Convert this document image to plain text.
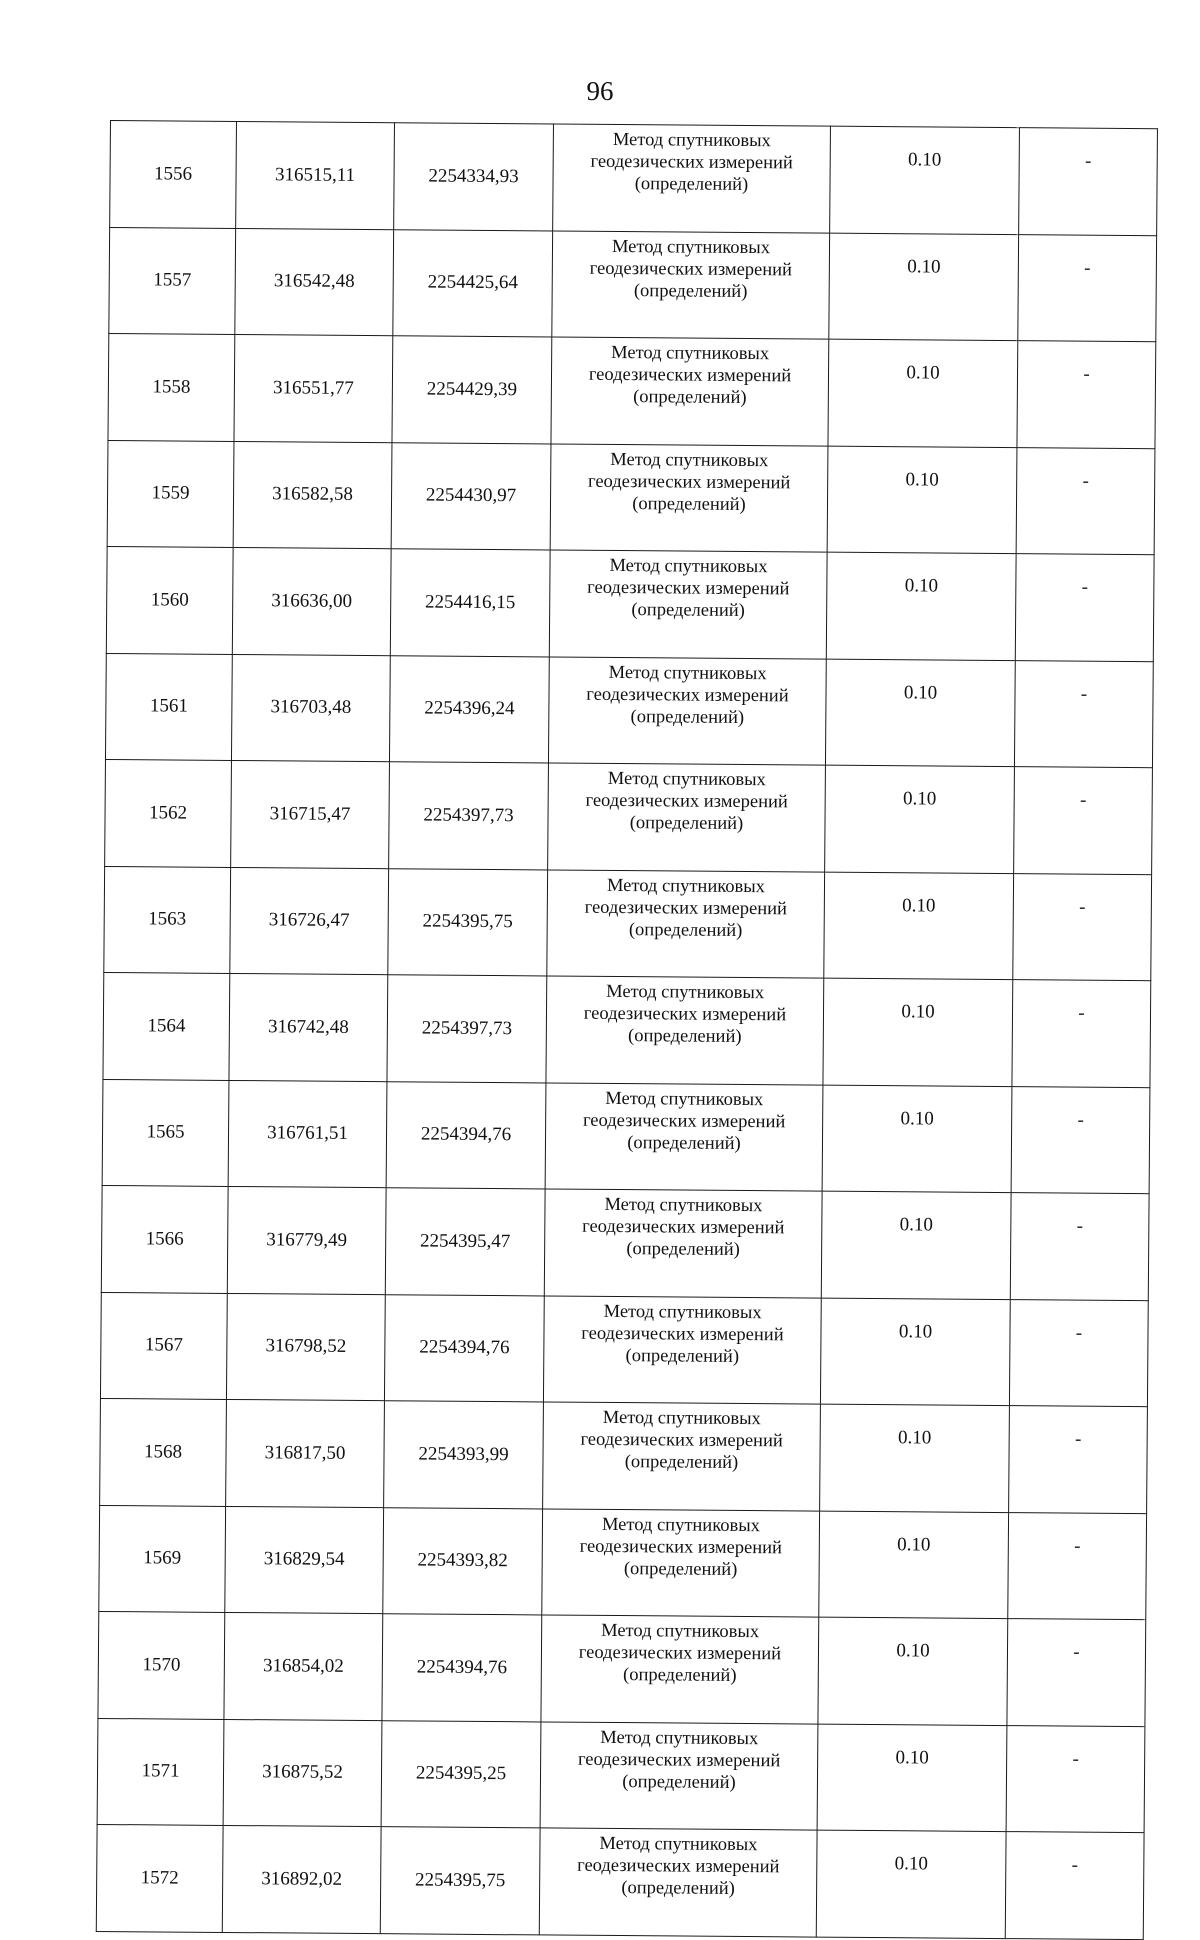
96
1556	316515,11	2254334,93	Метод спутниковых
геодезических измерений
(определений)	0.10	-
1557	316542,48	2254425,64	Метод спутниковых
геодезических измерений
(определений)	0.10	-
1558	316551,77	2254429,39	Метод спутниковых
геодезических измерений
(определений)	0.10	-
1559	316582,58	2254430,97	Метод спутниковых
геодезических измерений
(определений)	0.10	-
1560	316636,00	2254416,15	Метод спутниковых
геодезических измерений
(определений)	0.10	-
1561	316703,48	2254396,24	Метод спутниковых
геодезических измерений
(определений)	0.10	-
1562	316715,47	2254397,73	Метод спутниковых
геодезических измерений
(определений)	0.10	-
1563	316726,47	2254395,75	Метод спутниковых
геодезических измерений
(определений)	0.10	-
1564	316742,48	2254397,73	Метод спутниковых
геодезических измерений
(определений)	0.10	-
1565	316761,51	2254394,76	Метод спутниковых
геодезических измерений
(определений)	0.10	-
1566	316779,49	2254395,47	Метод спутниковых
геодезических измерений
(определений)	0.10	-
1567	316798,52	2254394,76	Метод спутниковых
геодезических измерений
(определений)	0.10	-
1568	316817,50	2254393,99	Метод спутниковых
геодезических измерений
(определений)	0.10	-
1569	316829,54	2254393,82	Метод спутниковых
геодезических измерений
(определений)	0.10	-
1570	316854,02	2254394,76	Метод спутниковых
геодезических измерений
(определений)	0.10	-
1571	316875,52	2254395,25	Метод спутниковых
геодезических измерений
(определений)	0.10	-
1572	316892,02	2254395,75	Метод спутниковых
геодезических измерений
(определений)	0.10	-
